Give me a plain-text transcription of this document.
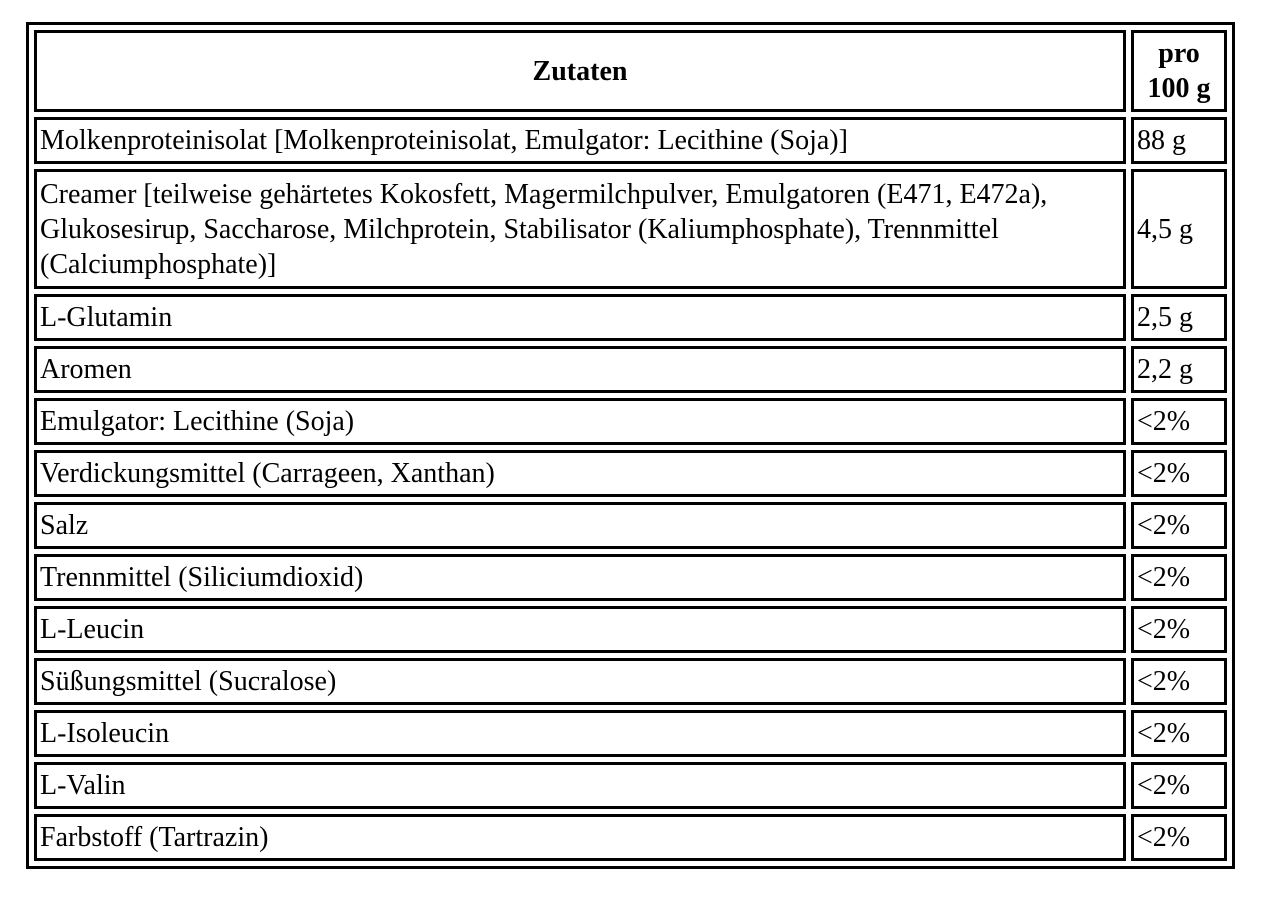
Zutaten	pro
100 g
Molkenproteinisolat [Molkenproteinisolat, Emulgator: Lecithine (Soja)]	88 g
Creamer [teilweise gehärtetes Kokosfett, Magermilchpulver, Emulgatoren (E471, E472a), Glukosesirup, Saccharose, Milchprotein, Stabilisator (Kaliumphosphate), Trennmittel (Calciumphosphate)]	4,5 g
L-Glutamin	2,5 g
Aromen	2,2 g
Emulgator: Lecithine (Soja)	<2%
Verdickungsmittel (Carrageen, Xanthan)	<2%
Salz	<2%
Trennmittel (Siliciumdioxid)	<2%
L-Leucin	<2%
Süßungsmittel (Sucralose)	<2%
L-Isoleucin	<2%
L-Valin	<2%
Farbstoff (Tartrazin)	<2%
